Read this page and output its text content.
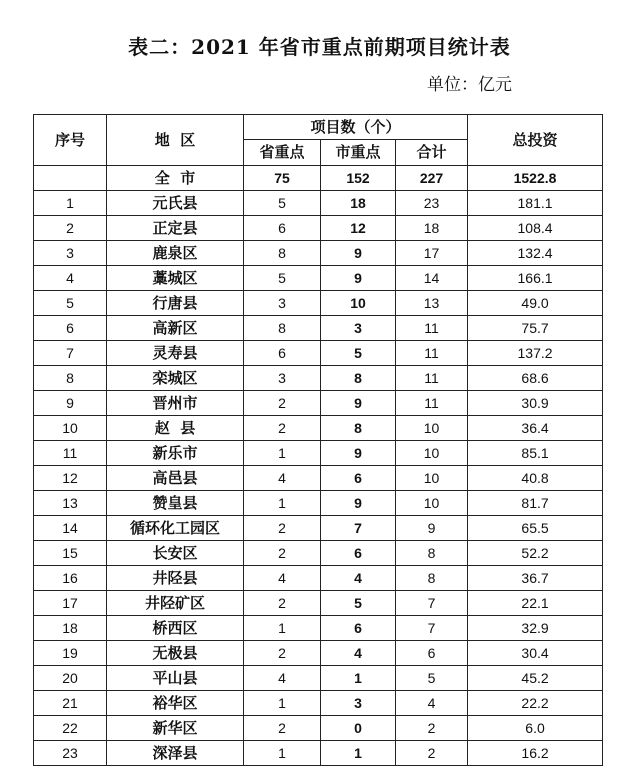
表二：2021 年省市重点前期项目统计表
单位：亿元
序号	地  区	项目数（个）			总投资
		省重点	市重点	合计	
	全  市	75	152	227	1522.8
1	元氏县	5	18	23	181.1
2	正定县	6	12	18	108.4
3	鹿泉区	8	9	17	132.4
4	藁城区	5	9	14	166.1
5	行唐县	3	10	13	49.0
6	高新区	8	3	11	75.7
7	灵寿县	6	5	11	137.2
8	栾城区	3	8	11	68.6
9	晋州市	2	9	11	30.9
10	赵  县	2	8	10	36.4
11	新乐市	1	9	10	85.1
12	高邑县	4	6	10	40.8
13	赞皇县	1	9	10	81.7
14	循环化工园区	2	7	9	65.5
15	长安区	2	6	8	52.2
16	井陉县	4	4	8	36.7
17	井陉矿区	2	5	7	22.1
18	桥西区	1	6	7	32.9
19	无极县	2	4	6	30.4
20	平山县	4	1	5	45.2
21	裕华区	1	3	4	22.2
22	新华区	2	0	2	6.0
23	深泽县	1	1	2	16.2
